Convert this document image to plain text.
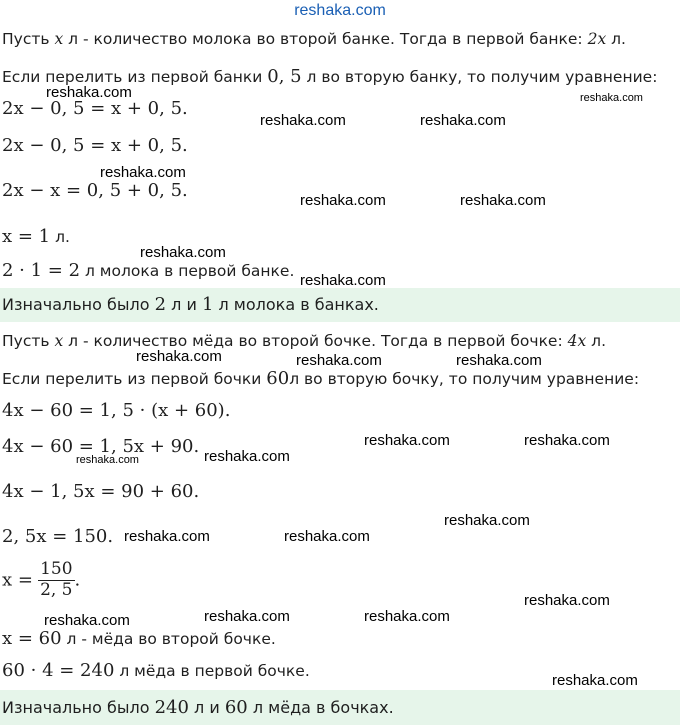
reshaka.com
Пусть x л - количество молока во второй банке. Тогда в первой банке: 2x л.
Если перелить из первой банки 0, 5 л во вторую банку, то получим уравнение:
2x − 0, 5 = x + 0, 5.
2x − 0, 5 = x + 0, 5.
2x − x = 0, 5 + 0, 5.
x = 1 л.
2 · 1 = 2 л молока в первой банке.
Изначально было 2 л и 1 л молока в банках.
Пусть x л - количество мёда во второй бочке. Тогда в первой бочке: 4x л.
Если перелить из первой бочки 60л во вторую бочку, то получим уравнение:
4x − 60 = 1, 5 · (x + 60).
4x − 60 = 1, 5x + 90.
4x − 1, 5x = 90 + 60.
2, 5x = 150.
$x = \frac{150}{2, 5}$ .
x = 60 л - мёда во второй бочке.
60 · 4 = 240 л мёда в первой бочке.
Изначально было 240 л и 60 л мёда в бочках.
reshaka.com	reshaka.com
reshaka.com	reshaka.com
reshaka.com
reshaka.com	reshaka.com
reshaka.com
reshaka.com
reshaka.com	reshaka.com	reshaka.com
reshaka.com	reshaka.com
reshaka.com	reshaka.com
reshaka.com
reshaka.com	reshaka.com
reshaka.com
reshaka.com	reshaka.com	reshaka.com
reshaka.com
